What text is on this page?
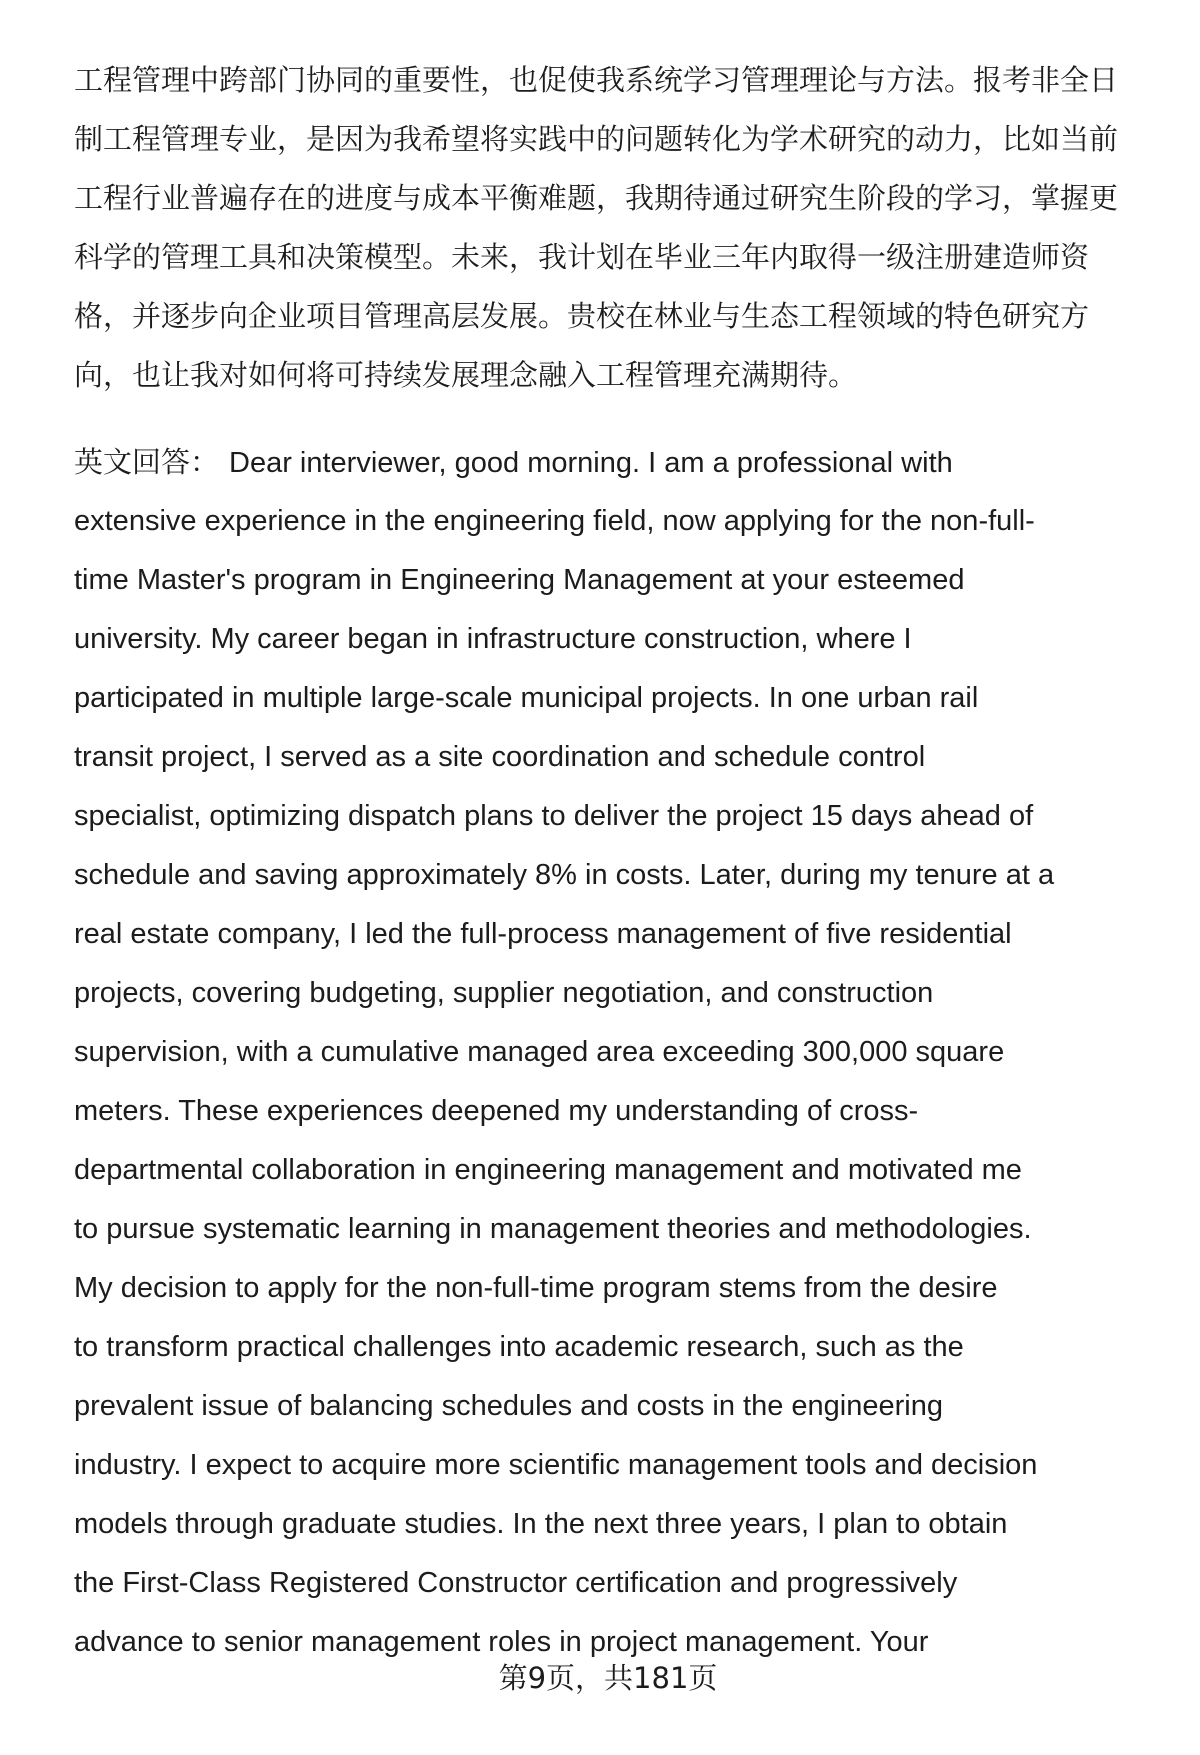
工程管理中跨部门协同的重要性，也促使我系统学习管理理论与方法。报考非全日
制工程管理专业，是因为我希望将实践中的问题转化为学术研究的动力，比如当前
工程行业普遍存在的进度与成本平衡难题，我期待通过研究生阶段的学习，掌握更
科学的管理工具和决策模型。未来，我计划在毕业三年内取得一级注册建造师资
格，并逐步向企业项目管理高层发展。贵校在林业与生态工程领域的特色研究方
向，也让我对如何将可持续发展理念融入工程管理充满期待。
英文回答： Dear interviewer, good morning. I am a professional with
extensive experience in the engineering field, now applying for the non-full-
time Master's program in Engineering Management at your esteemed
university. My career began in infrastructure construction, where I
participated in multiple large-scale municipal projects. In one urban rail
transit project, I served as a site coordination and schedule control
specialist, optimizing dispatch plans to deliver the project 15 days ahead of
schedule and saving approximately 8% in costs. Later, during my tenure at a
real estate company, I led the full-process management of five residential
projects, covering budgeting, supplier negotiation, and construction
supervision, with a cumulative managed area exceeding 300,000 square
meters. These experiences deepened my understanding of cross-
departmental collaboration in engineering management and motivated me
to pursue systematic learning in management theories and methodologies.
My decision to apply for the non-full-time program stems from the desire
to transform practical challenges into academic research, such as the
prevalent issue of balancing schedules and costs in the engineering
industry. I expect to acquire more scientific management tools and decision
models through graduate studies. In the next three years, I plan to obtain
the First-Class Registered Constructor certification and progressively
advance to senior management roles in project management. Your
第9页，共181页
